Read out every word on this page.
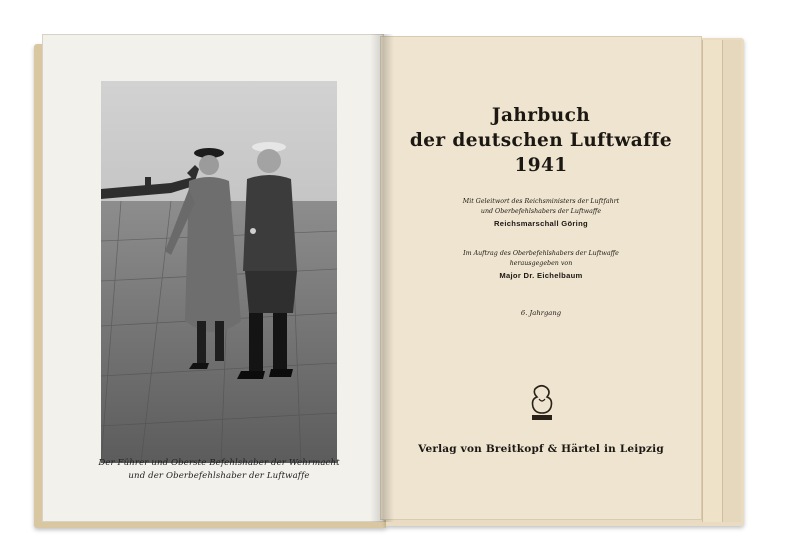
Der Führer und Oberste Befehlshaber der Wehrmacht
und der Oberbefehlshaber der Luftwaffe
Jahrbuch
der deutschen Luftwaffe
1941
Mit Geleitwort des Reichsministers der Luftfahrt
und Oberbefehlshabers der Luftwaffe
Reichsmarschall Göring
Im Auftrag des Oberbefehlshabers der Luftwaffe
herausgegeben von
Major Dr. Eichelbaum
6. Jahrgang
Verlag von Breitkopf & Härtel in Leipzig
